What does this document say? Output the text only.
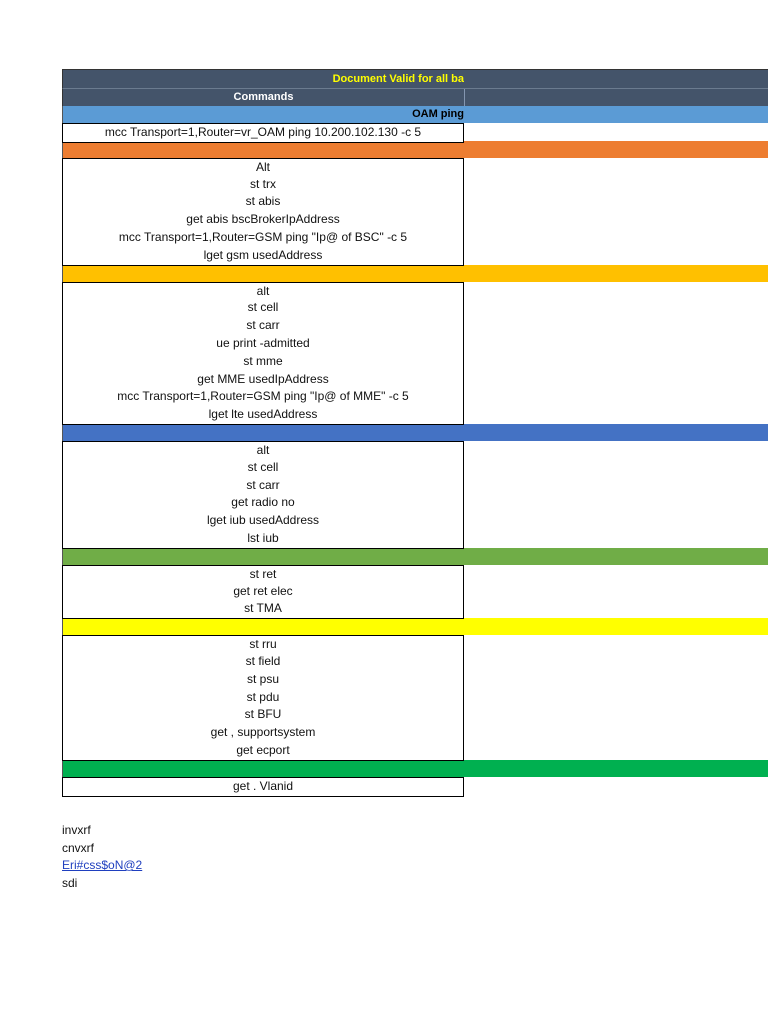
Document Valid for all ba
Commands
OAM ping
mcc Transport=1,Router=vr_OAM ping 10.200.102.130 -c 5
Alt
st trx
st abis
get abis bscBrokerIpAddress
mcc Transport=1,Router=GSM ping "Ip@ of BSC" -c 5
lget gsm usedAddress
alt
st cell
st carr
ue print -admitted
st mme
get MME usedIpAddress
mcc Transport=1,Router=GSM ping "Ip@ of MME" -c 5
lget lte usedAddress
alt
st cell
st carr
get radio no
lget iub usedAddress
lst iub
st ret
get ret elec
st TMA
st rru
st field
st psu
st pdu
st BFU
get , supportsystem
get ecport
get . Vlanid
invxrf
cnvxrf
Eri#css$oN@2
sdi
